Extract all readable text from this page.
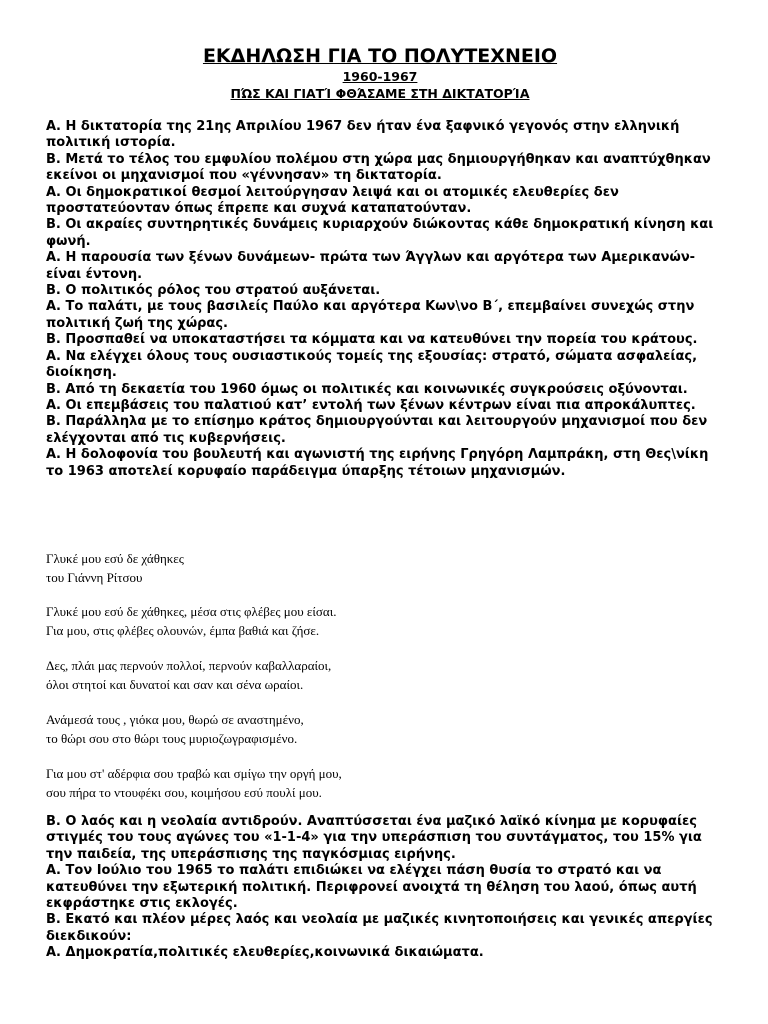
ΕΚΔΗΛΩΣΗ ΓΙΑ ΤΟ ΠΟΛΥΤΕΧΝΕΙΟ
1960-1967
ΠΏΣ ΚΑΙ ΓΙΑΤΊ ΦΘΆΣΑΜΕ ΣΤΗ ΔΙΚΤΑΤΟΡΊΑ

Α. Η δικτατορία της 21ης Απριλίου 1967 δεν ήταν ένα ξαφνικό γεγονός στην ελληνική πολιτική ιστορία.

Β. Μετά το τέλος του εμφυλίου πολέμου στη χώρα μας δημιουργήθηκαν και αναπτύχθηκαν εκείνοι οι μηχανισμοί που «γέννησαν» τη δικτατορία.

Α. Οι δημοκρατικοί θεσμοί λειτούργησαν λειψά και οι ατομικές ελευθερίες δεν προστατεύονταν όπως έπρεπε και συχνά καταπατούνταν.

Β. Οι ακραίες συντηρητικές δυνάμεις κυριαρχούν διώκοντας κάθε δημοκρατική κίνηση και φωνή.

Α. Η παρουσία των ξένων δυνάμεων- πρώτα των Άγγλων και αργότερα των Αμερικανών- είναι έντονη.

Β. Ο πολιτικός ρόλος του στρατού αυξάνεται.

Α. Το παλάτι, με τους βασιλείς Παύλο και αργότερα Κων\νο Β΄, επεμβαίνει συνεχώς στην πολιτική ζωή της χώρας.

Β. Προσπαθεί να υποκαταστήσει τα κόμματα και να κατευθύνει την πορεία του κράτους.

Α. Να ελέγχει όλους τους ουσιαστικούς τομείς της εξουσίας: στρατό, σώματα ασφαλείας, διοίκηση.

Β. Από τη δεκαετία του 1960 όμως οι πολιτικές και κοινωνικές συγκρούσεις οξύνονται.

Α. Οι επεμβάσεις του παλατιού κατ’ εντολή των ξένων κέντρων είναι πια απροκάλυπτες.

Β. Παράλληλα με το επίσημο κράτος δημιουργούνται και λειτουργούν μηχανισμοί που δεν ελέγχονται από τις κυβερνήσεις.

Α. Η δολοφονία του βουλευτή και αγωνιστή της ειρήνης Γρηγόρη Λαμπράκη, στη Θες\νίκη το 1963 αποτελεί κορυφαίο παράδειγμα ύπαρξης τέτοιων μηχανισμών.

Γλυκέ μου εσύ δε χάθηκες

του Γιάννη Ρίτσου

Γλυκέ μου εσύ δε χάθηκες, μέσα στις φλέβες μου είσαι.

Για μου, στις φλέβες ολουνών, έμπα βαθιά και ζήσε.

Δες, πλάι μας περνούν πολλοί, περνούν καβαλλαραίοι,

όλοι στητοί και δυνατοί και σαν και σένα ωραίοι.

Ανάμεσά τους , γιόκα μου, θωρώ σε αναστημένο,

το θώρι σου στο θώρι τους μυριοζωγραφισμένο.

Για μου στ' αδέρφια σου τραβώ και σμίγω την οργή μου,

σου πήρα το ντουφέκι σου, κοιμήσου εσύ πουλί μου.

Β. Ο λαός και η νεολαία αντιδρούν. Αναπτύσσεται ένα μαζικό λαϊκό κίνημα με κορυφαίες στιγμές του τους αγώνες του «1-1-4» για την υπεράσπιση του συντάγματος, του 15% για την παιδεία, της υπεράσπισης της παγκόσμιας ειρήνης.

Α. Τον Ιούλιο του 1965 το παλάτι επιδιώκει να ελέγχει πάση θυσία το στρατό και να κατευθύνει την εξωτερική πολιτική. Περιφρονεί ανοιχτά τη θέληση του λαού, όπως αυτή εκφράστηκε στις εκλογές.

Β. Εκατό και πλέον μέρες λαός και νεολαία με μαζικές κινητοποιήσεις και γενικές απεργίες διεκδικούν:

Α. Δημοκρατία,πολιτικές ελευθερίες,κοινωνικά δικαιώματα.
